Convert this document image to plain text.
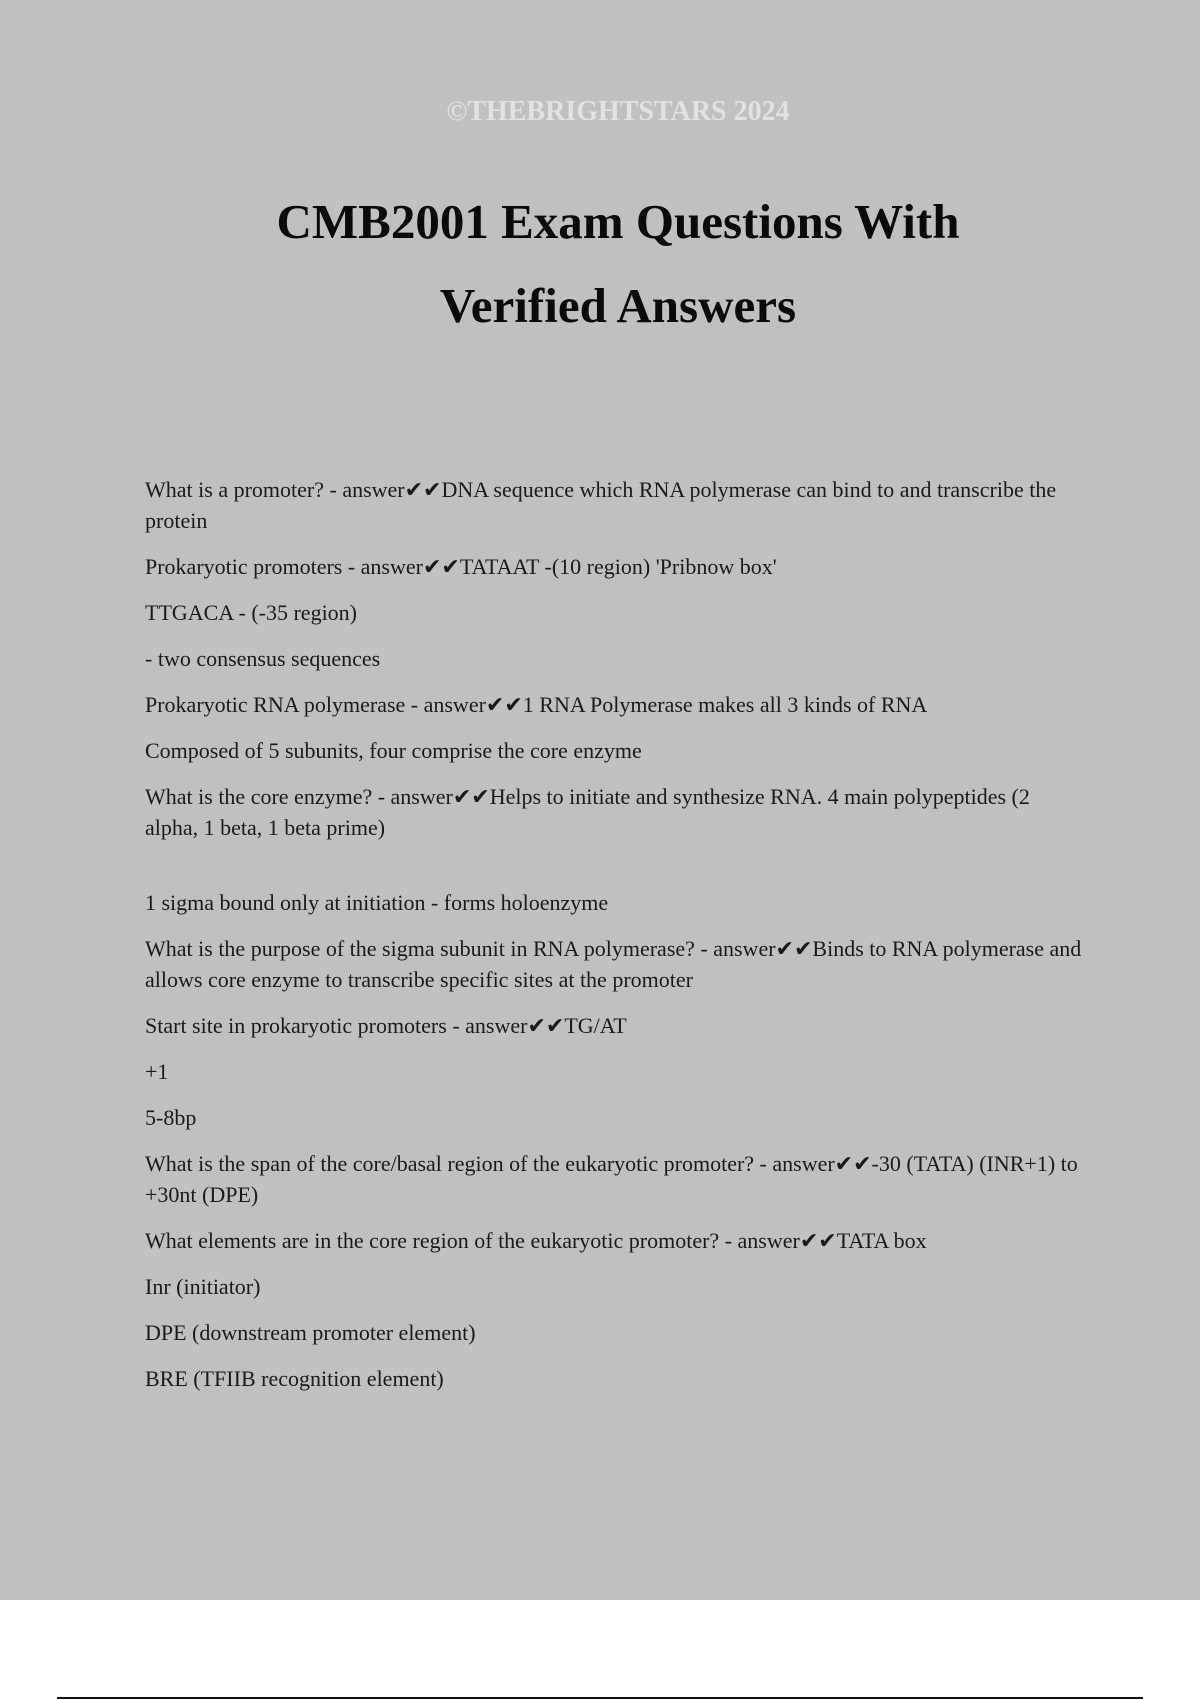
©THEBRIGHTSTARS 2024
CMB2001 Exam Questions With
Verified Answers

What is a promoter? - answer✔✔DNA sequence which RNA polymerase can bind to and transcribe the protein

Prokaryotic promoters - answer✔✔TATAAT -(10 region) 'Pribnow box'

TTGACA - (-35 region)

- two consensus sequences

Prokaryotic RNA polymerase - answer✔✔1 RNA Polymerase makes all 3 kinds of RNA

Composed of 5 subunits, four comprise the core enzyme

What is the core enzyme? - answer✔✔Helps to initiate and synthesize RNA. 4 main polypeptides (2 alpha, 1 beta, 1 beta prime)

1 sigma bound only at initiation - forms holoenzyme

What is the purpose of the sigma subunit in RNA polymerase? - answer✔✔Binds to RNA polymerase and allows core enzyme to transcribe specific sites at the promoter

Start site in prokaryotic promoters - answer✔✔TG/AT

+1

5-8bp

What is the span of the core/basal region of the eukaryotic promoter? - answer✔✔-30 (TATA) (INR+1) to +30nt (DPE)

What elements are in the core region of the eukaryotic promoter? - answer✔✔TATA box

Inr (initiator)

DPE (downstream promoter element)

BRE (TFIIB recognition element)
